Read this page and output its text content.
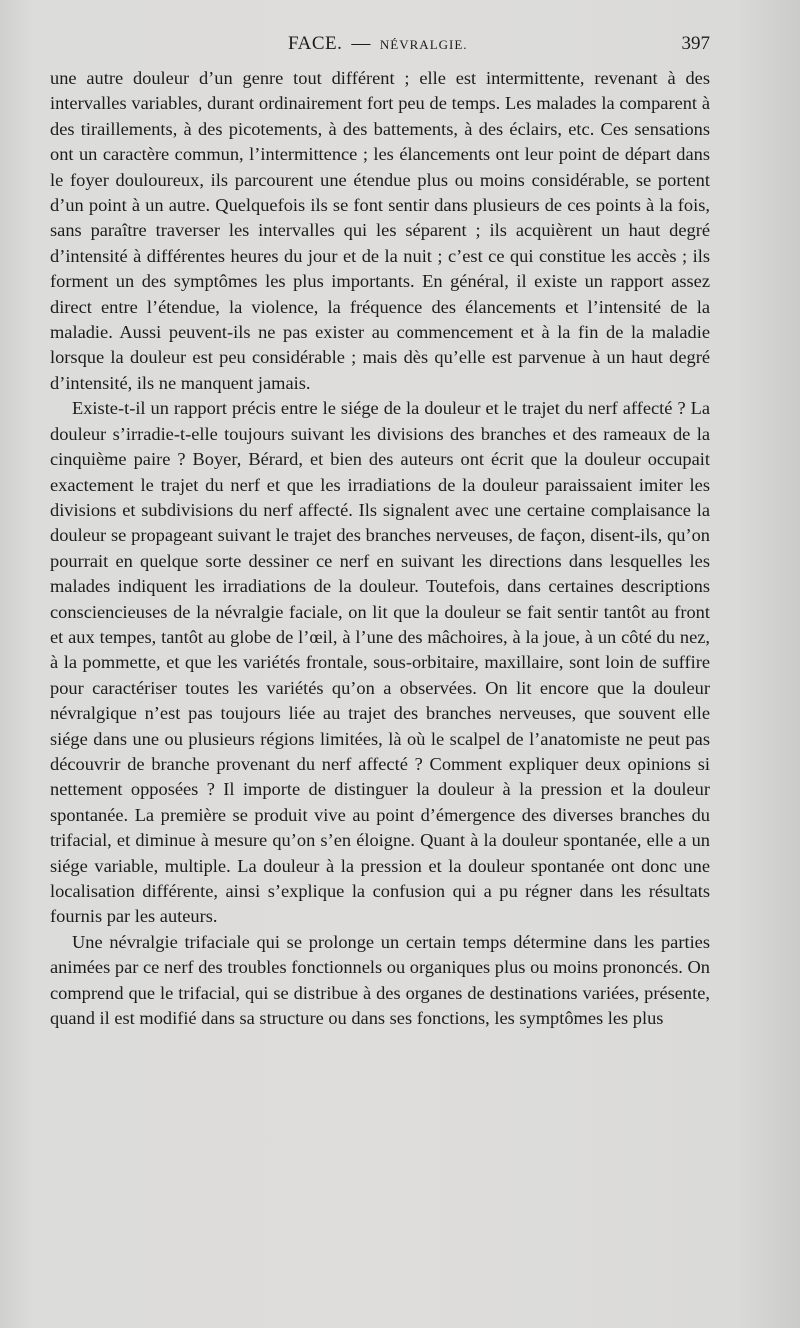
FACE. — NÉVRALGIE.	397

une autre douleur d’un genre tout différent ; elle est intermittente, revenant à des intervalles variables, durant ordinairement fort peu de temps. Les malades la comparent à des tiraillements, à des picotements, à des battements, à des éclairs, etc. Ces sensations ont un caractère commun, l’intermittence ; les élancements ont leur point de départ dans le foyer douloureux, ils parcourent une étendue plus ou moins considérable, se portent d’un point à un autre. Quelquefois ils se font sentir dans plusieurs de ces points à la fois, sans paraître traverser les intervalles qui les séparent ; ils acquièrent un haut degré d’intensité à différentes heures du jour et de la nuit ; c’est ce qui constitue les accès ; ils forment un des symptômes les plus importants. En général, il existe un rapport assez direct entre l’étendue, la violence, la fréquence des élancements et l’intensité de la maladie. Aussi peuvent-ils ne pas exister au commencement et à la fin de la maladie lorsque la douleur est peu considérable ; mais dès qu’elle est parvenue à un haut degré d’intensité, ils ne manquent jamais.

Existe-t-il un rapport précis entre le siége de la douleur et le trajet du nerf affecté ? La douleur s’irradie-t-elle toujours suivant les divisions des branches et des rameaux de la cinquième paire ? Boyer, Bérard, et bien des auteurs ont écrit que la douleur occupait exactement le trajet du nerf et que les irradiations de la douleur paraissaient imiter les divisions et subdivisions du nerf affecté. Ils signalent avec une certaine complaisance la douleur se propageant suivant le trajet des branches nerveuses, de façon, disent-ils, qu’on pourrait en quelque sorte dessiner ce nerf en suivant les directions dans lesquelles les malades indiquent les irradiations de la douleur. Toutefois, dans certaines descriptions consciencieuses de la névralgie faciale, on lit que la douleur se fait sentir tantôt au front et aux tempes, tantôt au globe de l’œil, à l’une des mâchoires, à la joue, à un côté du nez, à la pommette, et que les variétés frontale, sous-orbitaire, maxillaire, sont loin de suffire pour caractériser toutes les variétés qu’on a observées. On lit encore que la douleur névralgique n’est pas toujours liée au trajet des branches nerveuses, que souvent elle siége dans une ou plusieurs régions limitées, là où le scalpel de l’anatomiste ne peut pas découvrir de branche provenant du nerf affecté ? Comment expliquer deux opinions si nettement opposées ? Il importe de distinguer la douleur à la pression et la douleur spontanée. La première se produit vive au point d’émergence des diverses branches du trifacial, et diminue à mesure qu’on s’en éloigne. Quant à la douleur spontanée, elle a un siége variable, multiple. La douleur à la pression et la douleur spontanée ont donc une localisation différente, ainsi s’explique la confusion qui a pu régner dans les résultats fournis par les auteurs.

Une névralgie trifaciale qui se prolonge un certain temps détermine dans les parties animées par ce nerf des troubles fonctionnels ou organiques plus ou moins prononcés. On comprend que le trifacial, qui se distribue à des organes de destinations variées, présente, quand il est modifié dans sa structure ou dans ses fonctions, les symptômes les plus
